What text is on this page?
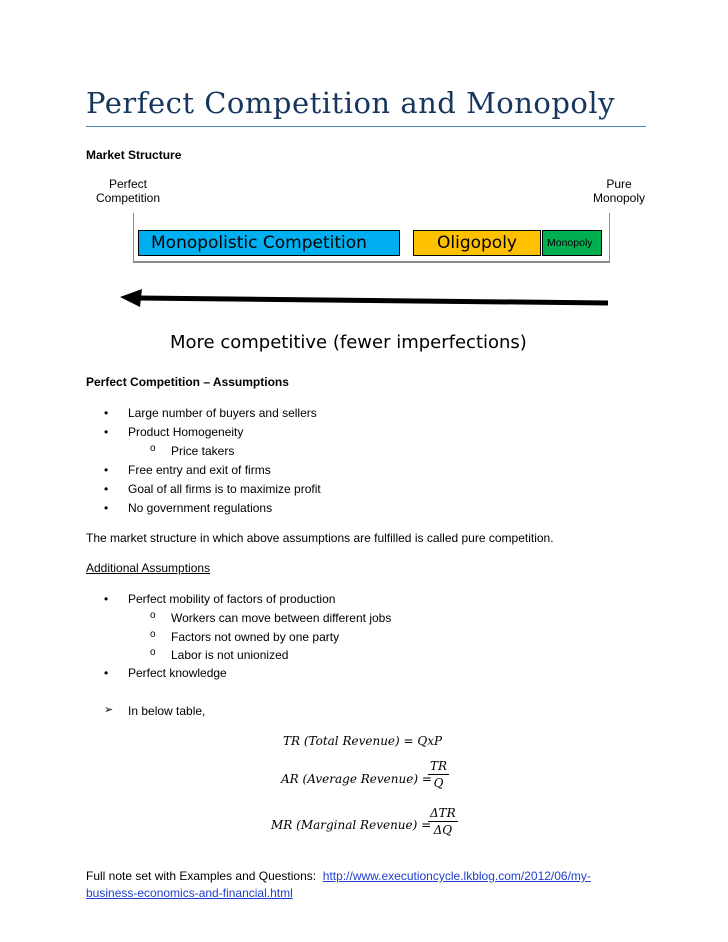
Perfect Competition and Monopoly
Market Structure
Perfect
Competition
Pure
Monopoly
Monopolistic Competition	Oligopoly	Monopoly
More competitive (fewer imperfections)
Perfect Competition – Assumptions
• Large number of buyers and sellers
• Product Homogeneity
o Price takers
• Free entry and exit of firms
• Goal of all firms is to maximize profit
• No government regulations
The market structure in which above assumptions are fulfilled is called pure competition.
Additional Assumptions
• Perfect mobility of factors of production
o Workers can move between different jobs
o Factors not owned by one party
o Labor is not unionized
• Perfect knowledge
➢ In below table,
TR (Total Revenue) = QxP
AR (Average Revenue) =
$\frac{TR}{Q}$
MR (Marginal Revenue) =
ΔTR
ΔQ
Full note set with Examples and Questions: http://www.executioncycle.lkblog.com/2012/06/my-
business-economics-and-financial.html
